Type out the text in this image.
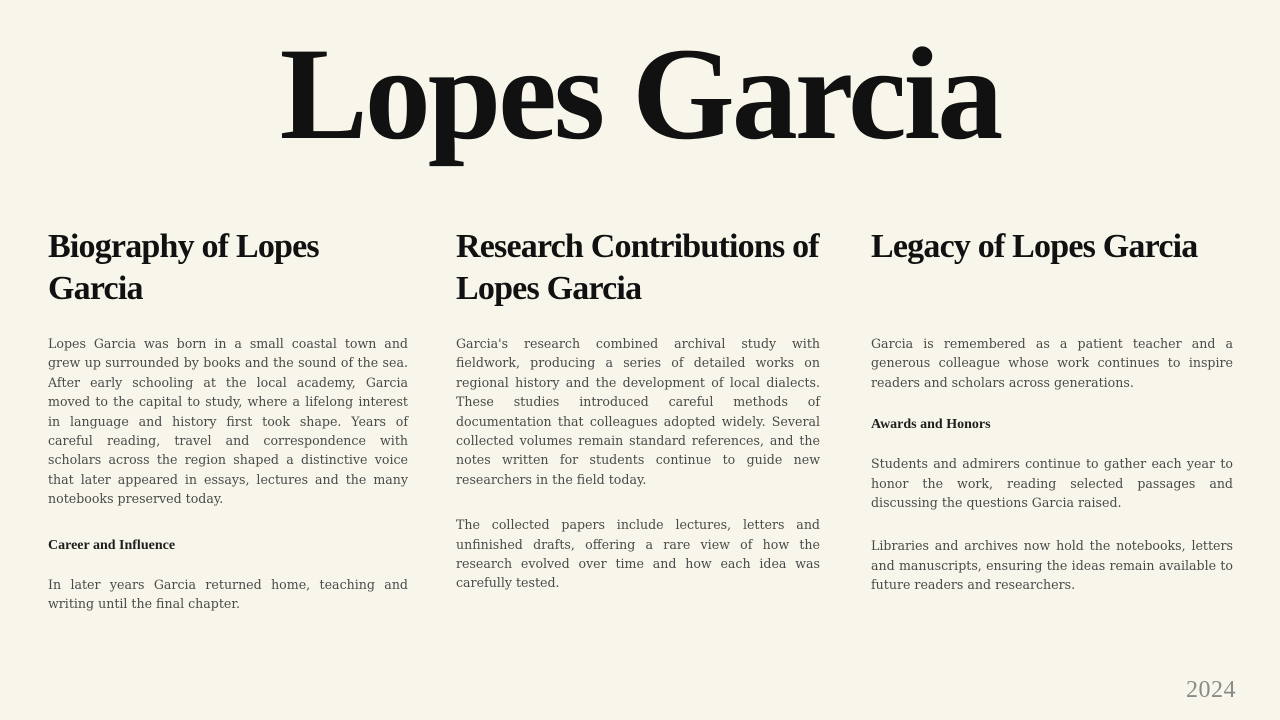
Lopes Garcia
Biography of Lopes Garcia

Lopes Garcia was born in a small coastal town and grew up surrounded by books and the sound of the sea. After early schooling at the local academy, Garcia moved to the capital to study, where a lifelong interest in language and history first took shape. Years of careful reading, travel and correspondence with scholars across the region shaped a distinctive voice that later appeared in essays, lectures and the many notebooks preserved today.

Career and Influence

In later years Garcia returned home, teaching and writing until the final chapter.

Research Contributions of Lopes Garcia

Garcia's research combined archival study with fieldwork, producing a series of detailed works on regional history and the development of local dialects. These studies introduced careful methods of documentation that colleagues adopted widely. Several collected volumes remain standard references, and the notes written for students continue to guide new researchers in the field today.

The collected papers include lectures, letters and unfinished drafts, offering a rare view of how the research evolved over time and how each idea was carefully tested.

Legacy of Lopes Garcia

Garcia is remembered as a patient teacher and a generous colleague whose work continues to inspire readers and scholars across generations.

Awards and Honors

Students and admirers continue to gather each year to honor the work, reading selected passages and discussing the questions Garcia raised.

Libraries and archives now hold the notebooks, letters and manuscripts, ensuring the ideas remain available to future readers and researchers.

2024
